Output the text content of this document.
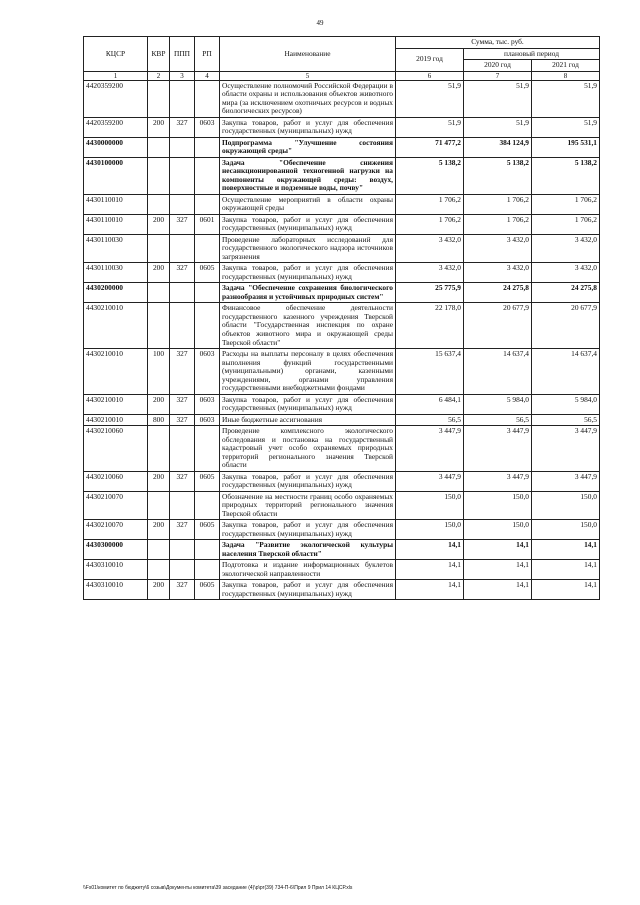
49
КЦСР	КВР	ППП	РП	Наименование	Сумма, тыс. руб.		
					2019 год	плановый период	
						2020 год	2021 год
1	2	3	4	5	6	7	8
4420359200				Осуществление полномочий Российской Федерации в области охраны и использования объектов животного мира (за исключением охотничьих ресурсов и водных биологических ресурсов)	51,9	51,9	51,9
4420359200	200	327	0603	Закупка товаров, работ и услуг для обеспечения государственных (муниципальных) нужд	51,9	51,9	51,9
4430000000				Подпрограмма "Улучшение состояния окружающей среды"	71 477,2	384 124,9	195 531,1
4430100000				Задача "Обеспечение снижения несанкционированной техногенной нагрузки на компоненты окружающей среды: воздух, поверхностные и подземные воды, почву"	5 138,2	5 138,2	5 138,2
4430110010				Осуществление мероприятий в области охраны окружающей среды	1 706,2	1 706,2	1 706,2
4430110010	200	327	0601	Закупка товаров, работ и услуг для обеспечения государственных (муниципальных) нужд	1 706,2	1 706,2	1 706,2
4430110030				Проведение лабораторных исследований для государственного экологического надзора источников загрязнения	3 432,0	3 432,0	3 432,0
4430110030	200	327	0605	Закупка товаров, работ и услуг для обеспечения государственных (муниципальных) нужд	3 432,0	3 432,0	3 432,0
4430200000				Задача "Обеспечение сохранения биологического разнообразия и устойчивых природных систем"	25 775,9	24 275,8	24 275,8
4430210010				Финансовое обеспечение деятельности государственного казенного учреждения Тверской области "Государственная инспекция по охране объектов животного мира и окружающей среды Тверской области"	22 178,0	20 677,9	20 677,9
4430210010	100	327	0603	Расходы на выплаты персоналу в целях обеспечения выполнения функций государственными (муниципальными) органами, казенными учреждениями, органами управления государственными внебюджетными фондами	15 637,4	14 637,4	14 637,4
4430210010	200	327	0603	Закупка товаров, работ и услуг для обеспечения государственных (муниципальных) нужд	6 484,1	5 984,0	5 984,0
4430210010	800	327	0603	Иные бюджетные ассигнования	56,5	56,5	56,5
4430210060				Проведение комплексного экологического обследования и постановка на государственный кадастровый учет особо охраняемых природных территорий регионального значения Тверской области	3 447,9	3 447,9	3 447,9
4430210060	200	327	0605	Закупка товаров, работ и услуг для обеспечения государственных (муниципальных) нужд	3 447,9	3 447,9	3 447,9
4430210070				Обозначение на местности границ особо охраняемых природных территорий регионального значения Тверской области	150,0	150,0	150,0
4430210070	200	327	0605	Закупка товаров, работ и услуг для обеспечения государственных (муниципальных) нужд	150,0	150,0	150,0
4430300000				Задача "Развитие экологической культуры населения Тверской области"	14,1	14,1	14,1
4430310010				Подготовка и издание информационных буклетов экологической направленности	14,1	14,1	14,1
4430310010	200	327	0605	Закупка товаров, работ и услуг для обеспечения государственных (муниципальных) нужд	14,1	14,1	14,1
\\Fs01\комитет по бюджету\6 созыв\Документы комитета\39 заседание (4)\р\рг(39) 734-П-6\Прил 9 Прил 14 КЦСР.xls
